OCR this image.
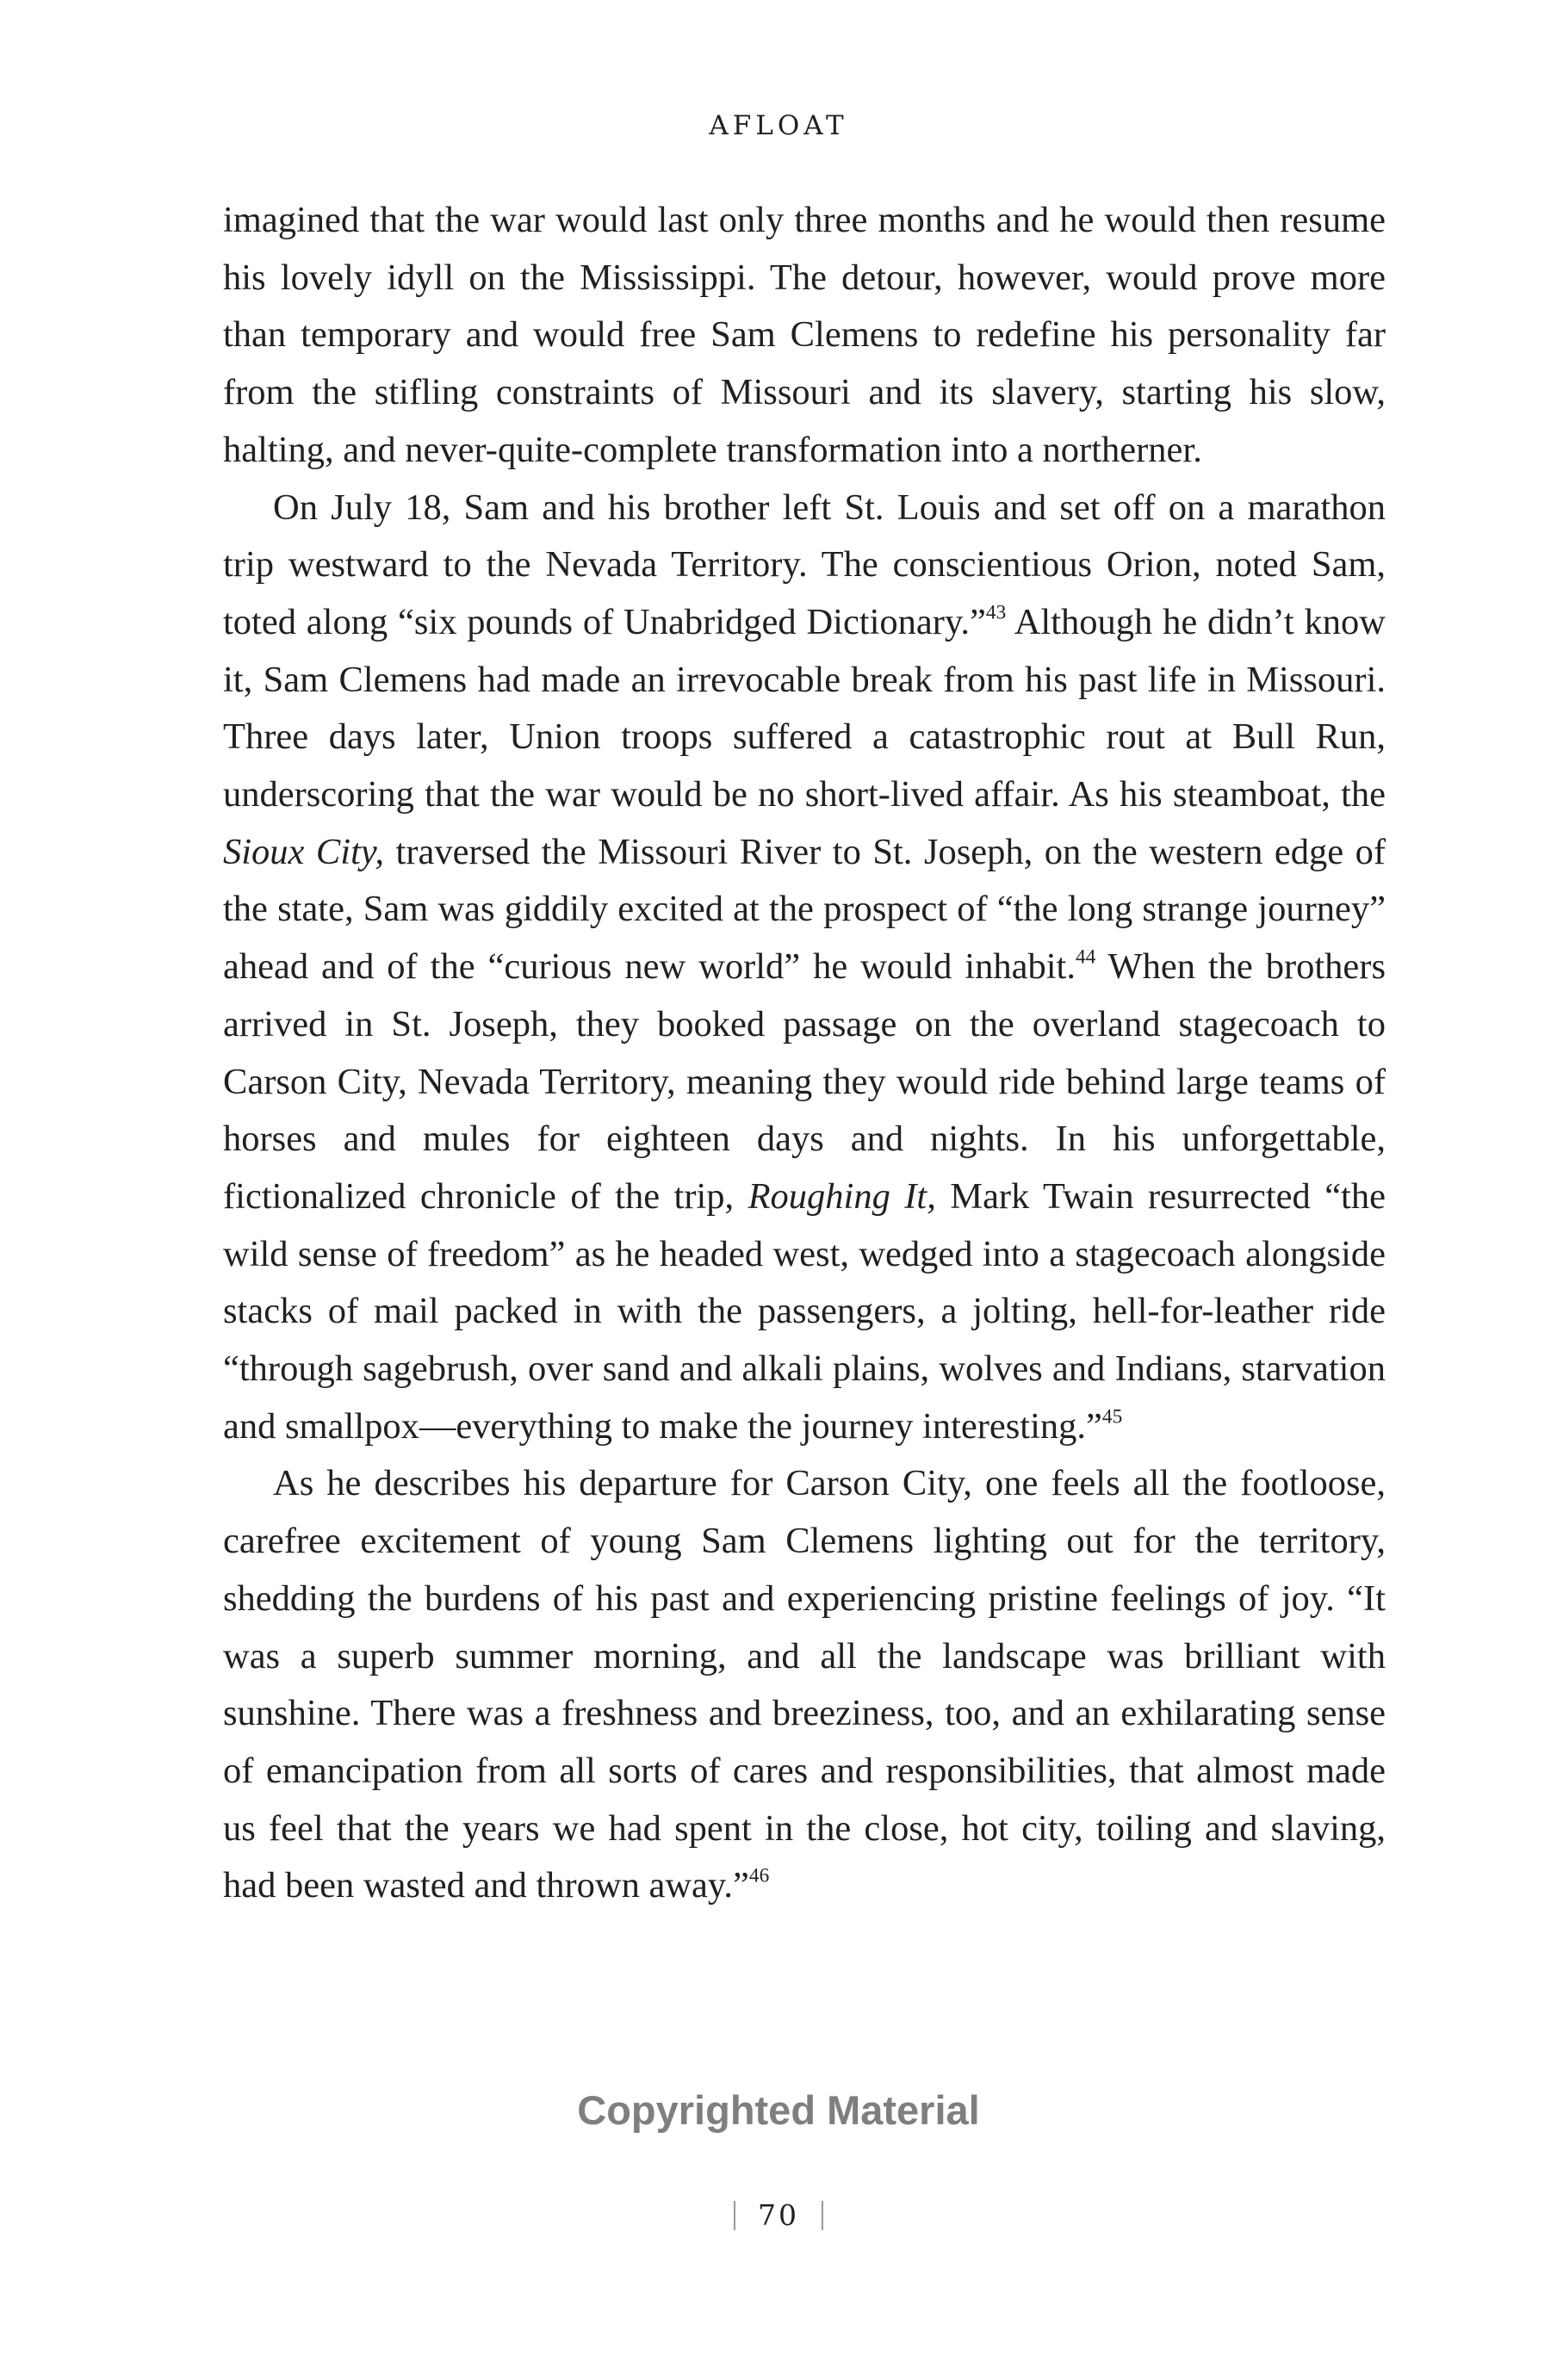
AFLOAT

imagined that the war would last only three months and he would then resume his lovely idyll on the Mississippi. The detour, however, would prove more than temporary and would free Sam Clemens to redefine his personality far from the stifling constraints of Missouri and its slavery, starting his slow, halting, and never-quite-complete transformation into a northerner.

On July 18, Sam and his brother left St. Louis and set off on a marathon trip westward to the Nevada Territory. The conscientious Orion, noted Sam, toted along “six pounds of Unabridged Dictionary.”$^{43}$ Although he didn’t know it, Sam Clemens had made an irrevocable break from his past life in Missouri. Three days later, Union troops suffered a catastrophic rout at Bull Run, underscoring that the war would be no short-lived affair. As his steamboat, the Sioux City, traversed the Missouri River to St. Joseph, on the western edge of the state, Sam was giddily excited at the prospect of “the long strange journey” ahead and of the “curious new world” he would inhabit.$^{44}$ When the brothers arrived in St. Joseph, they booked passage on the overland stagecoach to Carson City, Nevada Territory, meaning they would ride behind large teams of horses and mules for eighteen days and nights. In his unforgettable, fictionalized chronicle of the trip, Roughing It, Mark Twain resurrected “the wild sense of freedom” as he headed west, wedged into a stagecoach alongside stacks of mail packed in with the passengers, a jolting, hell-for-leather ride “through sagebrush, over sand and alkali plains, wolves and Indians, starvation and smallpox—everything to make the journey interesting.”$^{45}$

As he describes his departure for Carson City, one feels all the footloose, carefree excitement of young Sam Clemens lighting out for the territory, shedding the burdens of his past and experiencing pristine feelings of joy. “It was a superb summer morning, and all the landscape was brilliant with sunshine. There was a freshness and breeziness, too, and an exhilarating sense of emancipation from all sorts of cares and responsibilities, that almost made us feel that the years we had spent in the close, hot city, toiling and slaving, had been wasted and thrown away.”$^{46}$

Copyrighted Material
70
